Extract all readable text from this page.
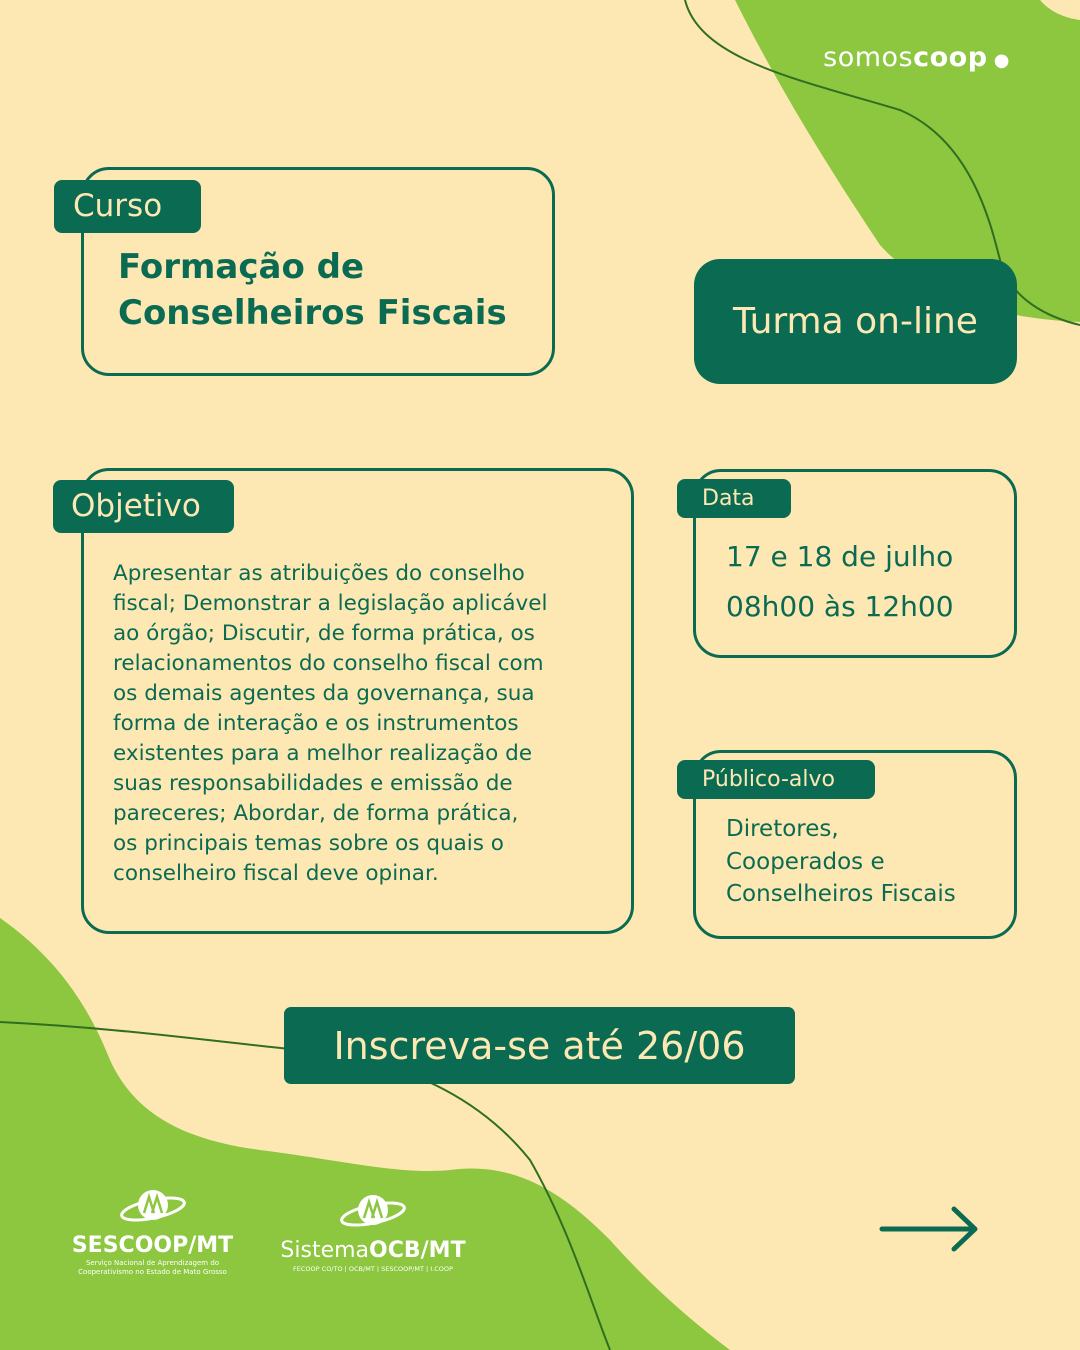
somoscoop ●
Curso
Formação de
Conselheiros Fiscais	Turma on-line
Objetivo
Apresentar as atribuições do conselho
fiscal; Demonstrar a legislação aplicável
ao órgão; Discutir, de forma prática, os
relacionamentos do conselho fiscal com
os demais agentes da governança, sua
forma de interação e os instrumentos
existentes para a melhor realização de
suas responsabilidades e emissão de
pareceres; Abordar, de forma prática,
os principais temas sobre os quais o
conselheiro fiscal deve opinar.
Data
17 e 18 de julho
08h00 às 12h00
Público-alvo
Diretores,
Cooperados e
Conselheiros Fiscais
Inscreva-se até 26/06
SESCOOP/MT
Serviço Nacional de Aprendizagem do
Cooperativismo no Estado de Mato Grosso
SistemaOCB/MT
FECOOP CO/TO | OCB/MT | SESCOOP/MT | I.COOP
